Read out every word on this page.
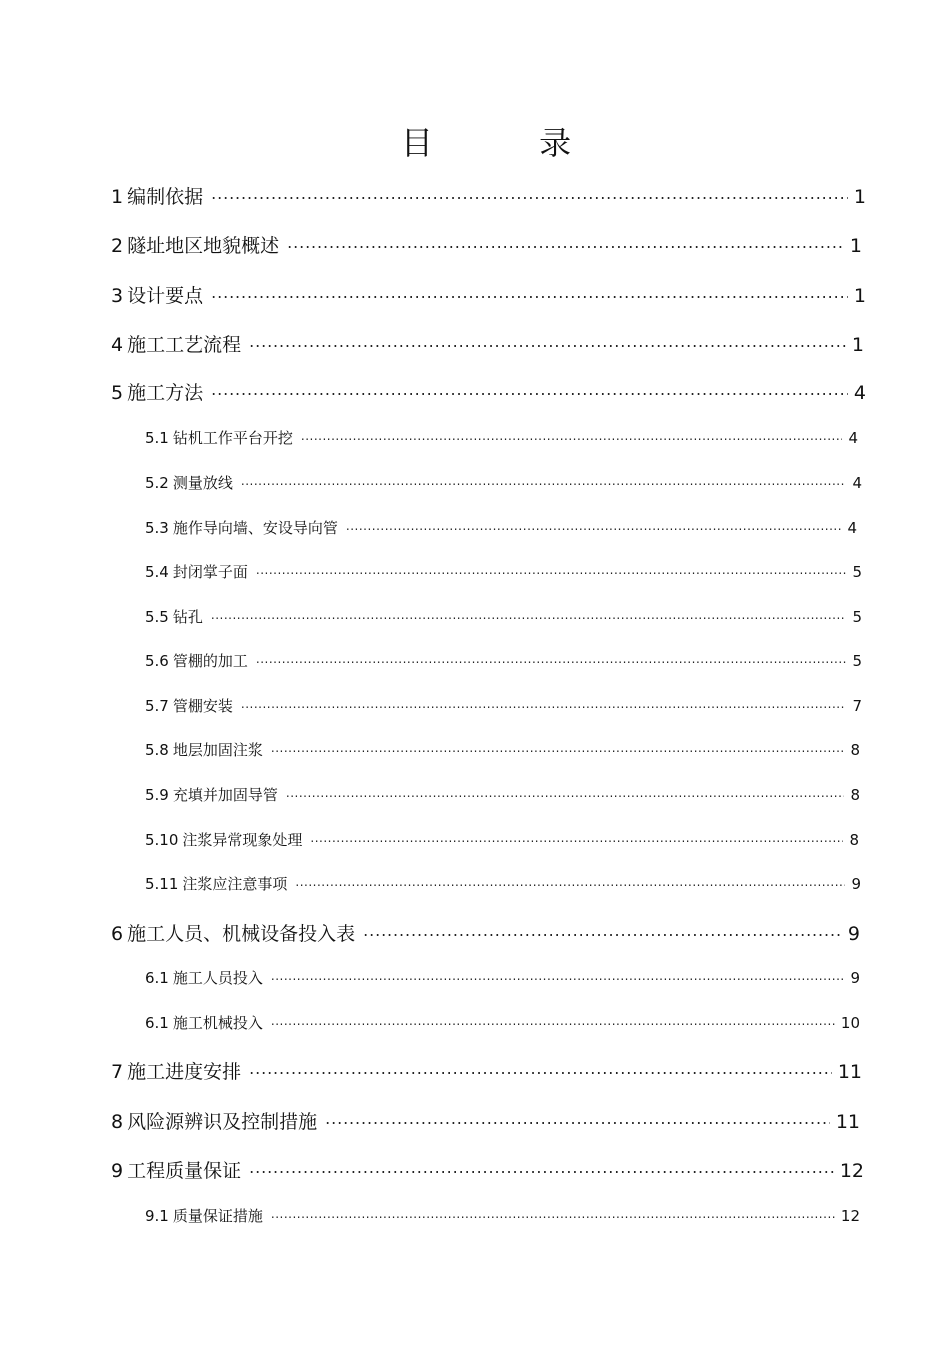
目 录
1 编制依据 .....	1
2 隧址地区地貌概述 .....	1
3 设计要点 .....	1
4 施工工艺流程 .....	1
5 施工方法 .....	4
5.1 钻机工作平台开挖 .....	4
5.2 测量放线 .....	4
5.3 施作导向墙、安设导向管 .....	4
5.4 封闭掌子面 .....	5
5.5 钻孔 .....	5
5.6 管棚的加工 .....	5
5.7 管棚安装 .....	7
5.8 地层加固注浆 .....	8
5.9 充填并加固导管 .....	8
5.10 注浆异常现象处理 .....	8
5.11 注浆应注意事项 .....	9
6 施工人员、机械设备投入表 .....	9
6.1 施工人员投入 .....	9
6.1 施工机械投入 .....	10
7 施工进度安排 .....	11
8 风险源辨识及控制措施 .....	11
9 工程质量保证 .....	12
9.1 质量保证措施 .....	12
